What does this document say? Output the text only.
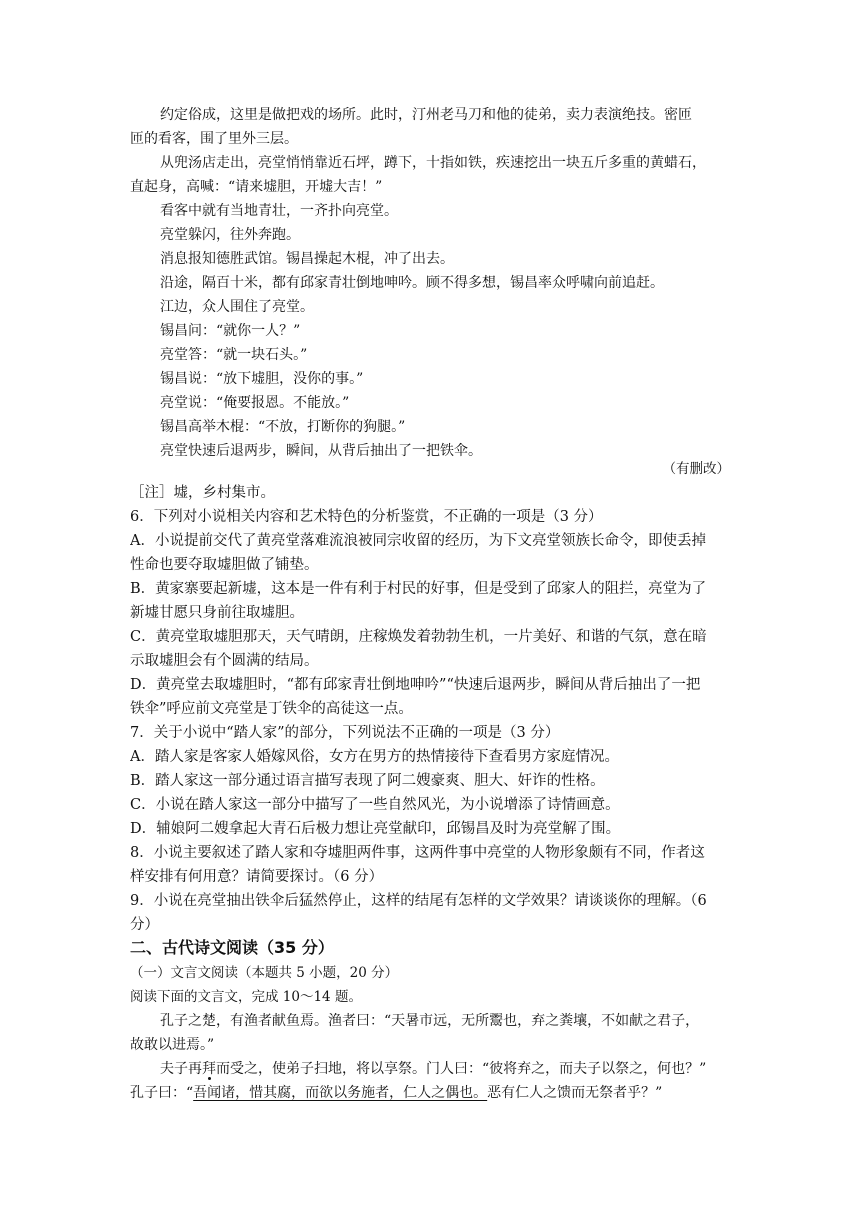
约定俗成，这里是做把戏的场所。此时，汀州老马刀和他的徒弟，卖力表演绝技。密匝
匝的看客，围了里外三层。
从兜汤店走出，亮堂悄悄靠近石坪，蹲下，十指如铁，疾速挖出一块五斤多重的黄蜡石，
直起身，高喊：“请来墟胆，开墟大吉！”
看客中就有当地青壮，一齐扑向亮堂。
亮堂躲闪，往外奔跑。
消息报知德胜武馆。锡昌操起木棍，冲了出去。
沿途，隔百十米，都有邱家青壮倒地呻吟。顾不得多想，锡昌率众呼啸向前追赶。
江边，众人围住了亮堂。
锡昌问：“就你一人？”
亮堂答：“就一块石头。”
锡昌说：“放下墟胆，没你的事。”
亮堂说：“俺要报恩。不能放。”
锡昌高举木棍：“不放，打断你的狗腿。”
亮堂快速后退两步，瞬间，从背后抽出了一把铁伞。
（有删改）
［注］墟，乡村集市。
6．下列对小说相关内容和艺术特色的分析鉴赏，不正确的一项是（3 分）
A．小说提前交代了黄亮堂落难流浪被同宗收留的经历，为下文亮堂领族长命令，即使丢掉
性命也要夺取墟胆做了铺垫。
B．黄家寨要起新墟，这本是一件有利于村民的好事，但是受到了邱家人的阻拦，亮堂为了
新墟甘愿只身前往取墟胆。
C．黄亮堂取墟胆那天，天气晴朗，庄稼焕发着勃勃生机，一片美好、和谐的气氛，意在暗
示取墟胆会有个圆满的结局。
D．黄亮堂去取墟胆时，“都有邱家青壮倒地呻吟”“快速后退两步，瞬间从背后抽出了一把
铁伞”呼应前文亮堂是丁铁伞的高徒这一点。
7．关于小说中“踏人家”的部分，下列说法不正确的一项是（3 分）
A．踏人家是客家人婚嫁风俗，女方在男方的热情接待下查看男方家庭情况。
B．踏人家这一部分通过语言描写表现了阿二嫂豪爽、胆大、奸诈的性格。
C．小说在踏人家这一部分中描写了一些自然风光，为小说增添了诗情画意。
D．辅娘阿二嫂拿起大青石后极力想让亮堂献印，邱锡昌及时为亮堂解了围。
8．小说主要叙述了踏人家和夺墟胆两件事，这两件事中亮堂的人物形象颇有不同，作者这
样安排有何用意？请简要探讨。（6 分）
9．小说在亮堂抽出铁伞后猛然停止，这样的结尾有怎样的文学效果？请谈谈你的理解。（6
分）
二、古代诗文阅读（35 分）
（一）文言文阅读（本题共 5 小题，20 分）
阅读下面的文言文，完成 10～14 题。
孔子之楚，有渔者献鱼焉。渔者曰：“天暑市远，无所鬻也，弃之粪壤，不如献之君子，
故敢以进焉。”
夫子再拜而受之，使弟子扫地，将以享祭。门人曰：“彼将弃之，而夫子以祭之，何也？”
孔子曰：“吾闻诸，惜其腐，而欲以务施者，仁人之偶也。恶有仁人之馈而无祭者乎？”
